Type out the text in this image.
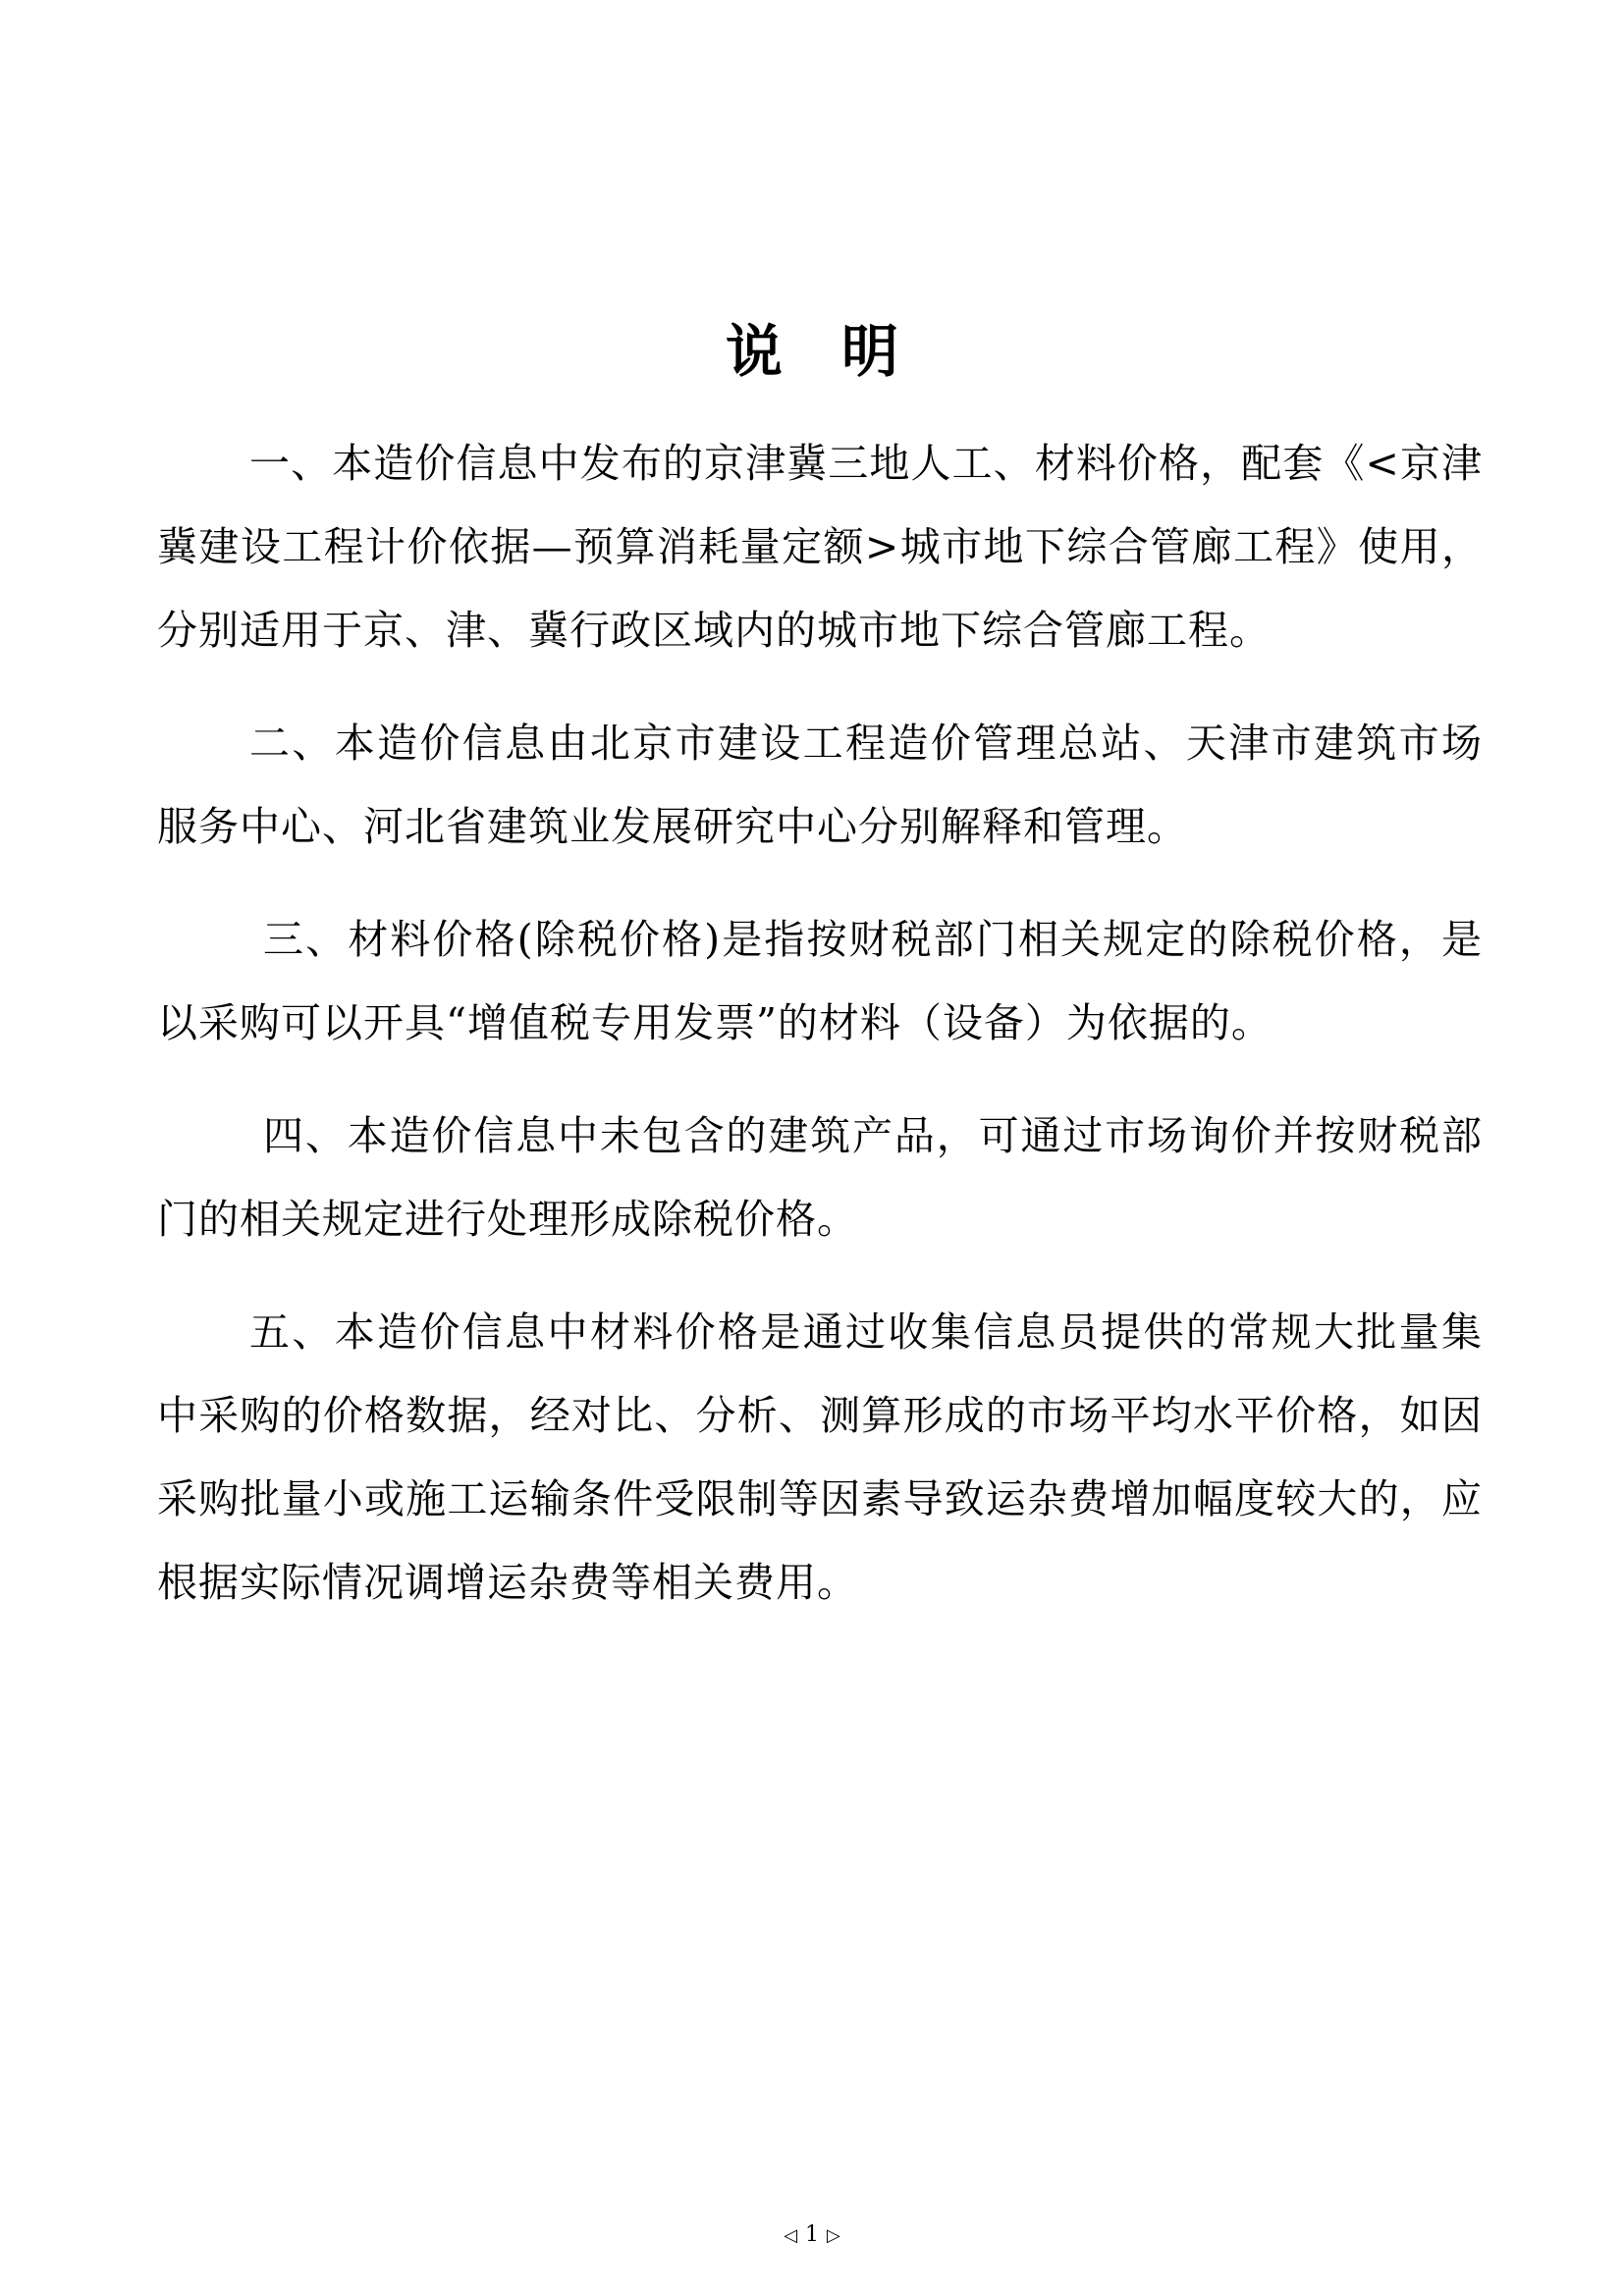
说明

一、本造价信息中发布的京津冀三地人工、材料价格，配套《<京津冀建设工程计价依据—预算消耗量定额>城市地下综合管廊工程》使用，分别适用于京、津、冀行政区域内的城市地下综合管廊工程。

二、本造价信息由北京市建设工程造价管理总站、天津市建筑市场服务中心、河北省建筑业发展研究中心分别解释和管理。

三、材料价格(除税价格)是指按财税部门相关规定的除税价格，是以采购可以开具“增值税专用发票”的材料（设备）为依据的。

四、本造价信息中未包含的建筑产品，可通过市场询价并按财税部门的相关规定进行处理形成除税价格。

五、本造价信息中材料价格是通过收集信息员提供的常规大批量集中采购的价格数据，经对比、分析、测算形成的市场平均水平价格，如因采购批量小或施工运输条件受限制等因素导致运杂费增加幅度较大的，应根据实际情况调增运杂费等相关费用。

◁ 1 ▷
